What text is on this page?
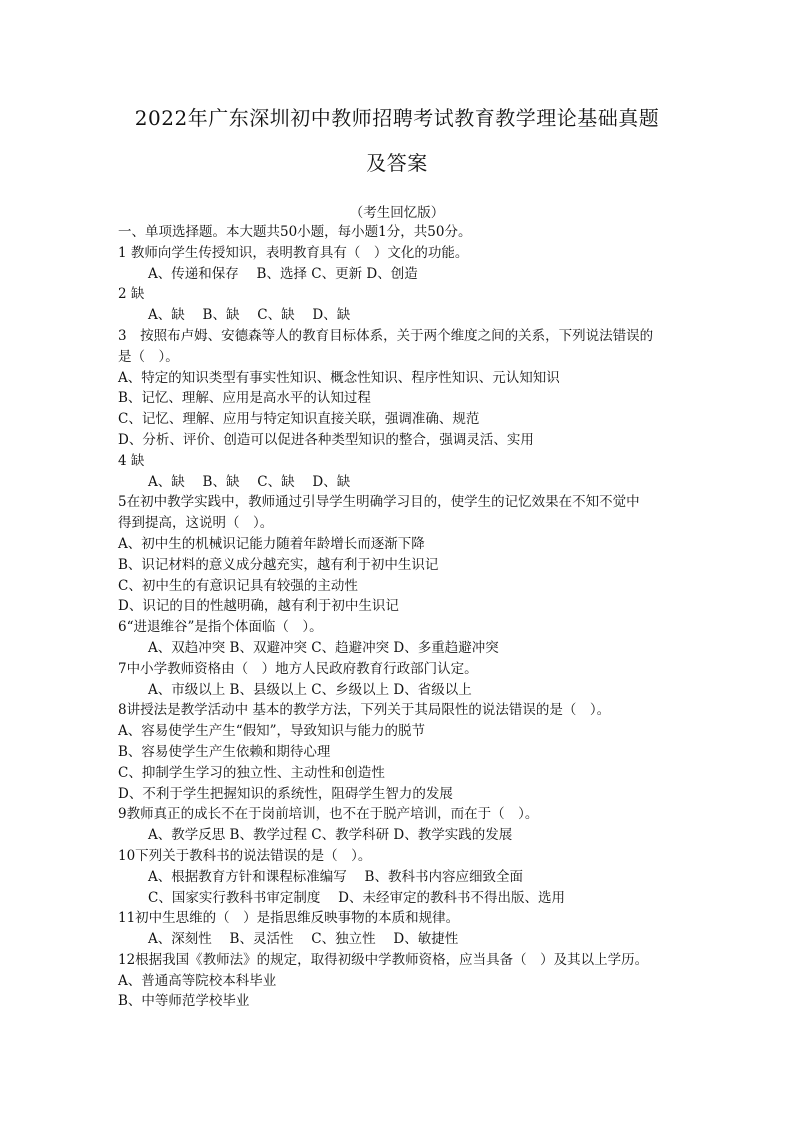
2022年广东深圳初中教师招聘考试教育教学理论基础真题
及答案
（考生回忆版）
一、单项选择题。本大题共50小题，每小题1分，共50分。
1 教师向学生传授知识，表明教育具有（　）文化的功能。
A、传递和保存　 B、选择 C、更新 D、创造
2 缺
A、缺　 B、缺　 C、缺　 D、缺
3　按照布卢姆、安德森等人的教育目标体系，关于两个维度之间的关系，下列说法错误的
是（　）。
A、特定的知识类型有事实性知识、概念性知识、程序性知识、元认知知识
B、记忆、理解、应用是高水平的认知过程
C、记忆、理解、应用与特定知识直接关联，强调准确、规范
D、分析、评价、创造可以促进各种类型知识的整合，强调灵活、实用
4 缺
A、缺　 B、缺　 C、缺　 D、缺
5在初中教学实践中，教师通过引导学生明确学习目的，使学生的记忆效果在不知不觉中
得到提高，这说明（　）。
A、初中生的机械识记能力随着年龄增长而逐渐下降
B、识记材料的意义成分越充实，越有利于初中生识记
C、初中生的有意识记具有较强的主动性
D、识记的目的性越明确，越有利于初中生识记
6“进退维谷”是指个体面临（　）。
A、双趋冲突 B、双避冲突 C、趋避冲突 D、多重趋避冲突
7中小学教师资格由（　）地方人民政府教育行政部门认定。
A、市级以上 B、县级以上 C、乡级以上 D、省级以上
8讲授法是教学活动中 基本的教学方法，下列关于其局限性的说法错误的是（　）。
A、容易使学生产生“假知”，导致知识与能力的脱节
B、容易使学生产生依赖和期待心理
C、抑制学生学习的独立性、主动性和创造性
D、不利于学生把握知识的系统性，阻碍学生智力的发展
9教师真正的成长不在于岗前培训，也不在于脱产培训，而在于（　）。
A、教学反思 B、教学过程 C、教学科研 D、教学实践的发展
10下列关于教科书的说法错误的是（　）。
A、根据教育方针和课程标准编写　 B、教科书内容应细致全面
C、国家实行教科书审定制度　 D、未经审定的教科书不得出版、选用
11初中生思维的（　）是指思维反映事物的本质和规律。
A、深刻性　 B、灵活性　 C、独立性　 D、敏捷性
12根据我国《教师法》的规定，取得初级中学教师资格，应当具备（　）及其以上学历。
A、普通高等院校本科毕业
B、中等师范学校毕业
